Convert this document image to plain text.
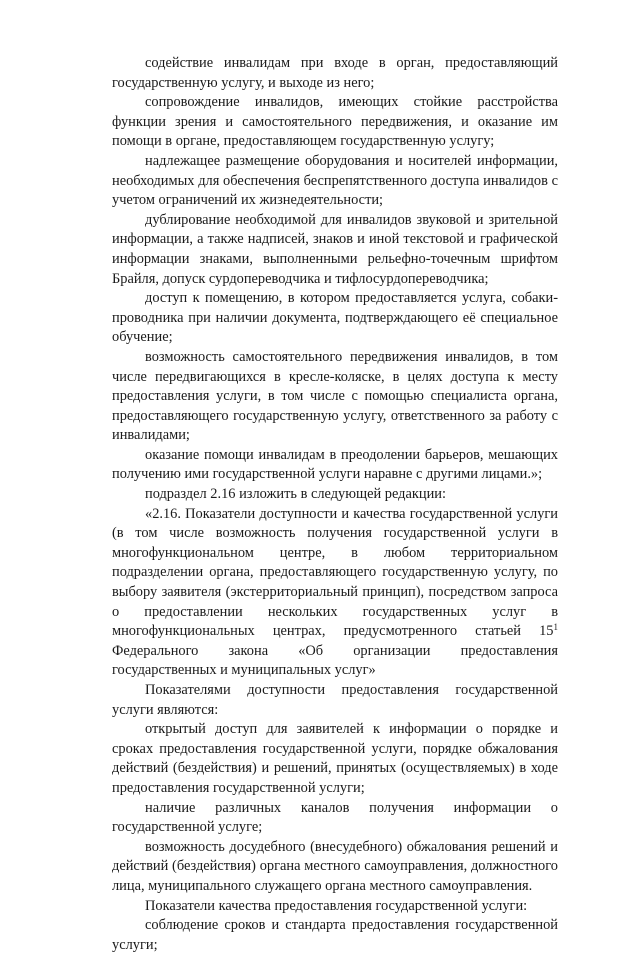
содействие инвалидам при входе в орган, предоставляющий государственную услугу, и выходе из него;

сопровождение инвалидов, имеющих стойкие расстройства функции зрения и самостоятельного передвижения, и оказание им помощи в органе, предоставляющем государственную услугу;

надлежащее размещение оборудования и носителей информации, необходимых для обеспечения беспрепятственного доступа инвалидов с учетом ограничений их жизнедеятельности;

дублирование необходимой для инвалидов звуковой и зрительной информации, а также надписей, знаков и иной текстовой и графической информации знаками, выполненными рельефно-точечным шрифтом Брайля, допуск сурдопереводчика и тифлосурдопереводчика;

доступ к помещению, в котором предоставляется услуга, собаки-проводника при наличии документа, подтверждающего её специальное обучение;

возможность самостоятельного передвижения инвалидов, в том числе передвигающихся в кресле-коляске, в целях доступа к месту предоставления услуги, в том числе с помощью специалиста органа, предоставляющего государственную услугу, ответственного за работу с инвалидами;

оказание помощи инвалидам в преодолении барьеров, мешающих получению ими государственной услуги наравне с другими лицами.»;

подраздел 2.16 изложить в следующей редакции:

«2.16. Показатели доступности и качества государственной услуги (в том числе возможность получения государственной услуги в многофункциональном центре, в любом территориальном подразделении органа, предоставляющего государственную услугу, по выбору заявителя (экстерриториальный принцип), посредством запроса о предоставлении нескольких государственных услуг в многофункциональных центрах, предусмотренного статьей $15^1$ Федерального закона «Об организации предоставления государственных и муниципальных услуг»

Показателями доступности предоставления государственной услуги являются:

открытый доступ для заявителей к информации о порядке и сроках предоставления государственной услуги, порядке обжалования действий (бездействия) и решений, принятых (осуществляемых) в ходе предоставления государственной услуги;

наличие различных каналов получения информации о государственной услуге;

возможность досудебного (внесудебного) обжалования решений и действий (бездействия) органа местного самоуправления, должностного лица, муниципального служащего органа местного самоуправления.

Показатели качества предоставления государственной услуги:

соблюдение сроков и стандарта предоставления государственной услуги;
